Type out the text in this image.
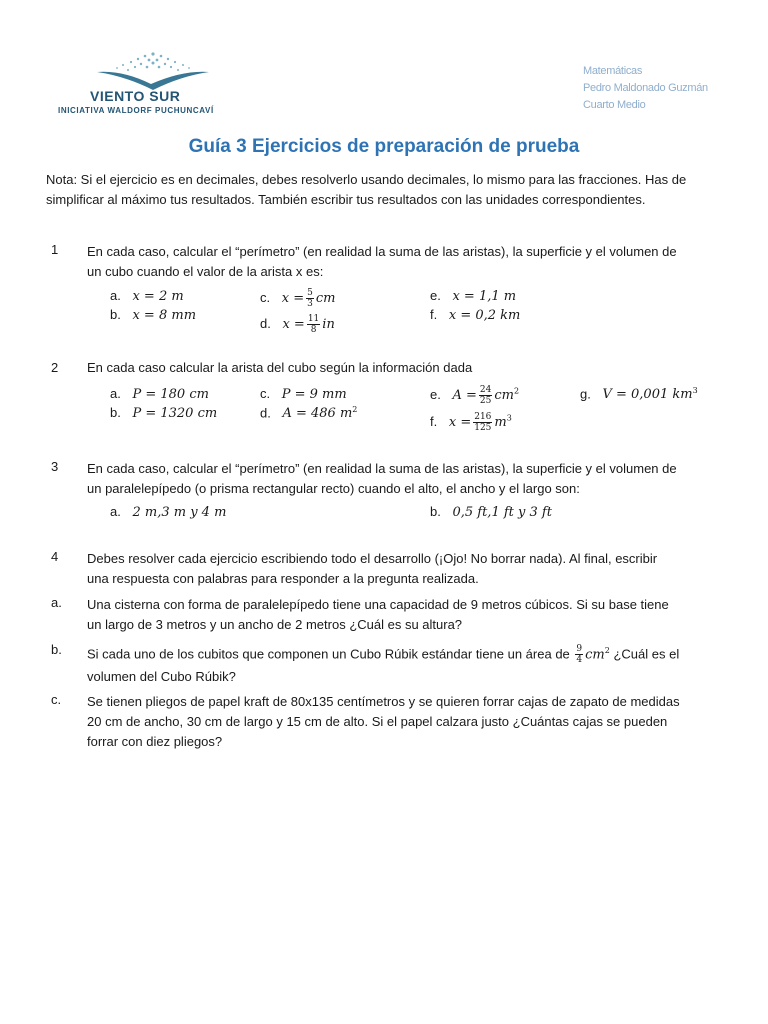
VIENTO SUR
INICIATIVA WALDORF PUCHUNCAVÍ
Matemáticas
Pedro Maldonado Guzmán
Cuarto Medio
Guía 3 Ejercicios de preparación de prueba
Nota: Si el ejercicio es en decimales, debes resolverlo usando decimales, lo mismo para las fracciones. Has de
simplificar al máximo tus resultados. También escribir tus resultados con las unidades correspondientes.
1 En cada caso, calcular el “perímetro” (en realidad la suma de las aristas), la superficie y el volumen de
un cubo cuando el valor de la arista x es:
a. x = 2 m
b. x = 8 mm
c. $x = \frac{5}{3}$ cm
d. $x = \frac{11}{8}$ in
e. x = 1,1 m
f. x = 0,2 km
2 En cada caso calcular la arista del cubo según la información dada
a. P = 180 cm
b. P = 1320 cm
c. P = 9 mm
d. A = 486 $m^2$
e. $A = \frac{24}{25} cm^2$
f. $x = \frac{216}{125} m^3$
g. V = 0,001 $km^3$
3 En cada caso, calcular el “perímetro” (en realidad la suma de las aristas), la superficie y el volumen de
un paralelepípedo (o prisma rectangular recto) cuando el alto, el ancho y el largo son:
a. 2 m,3 m y 4 m	b. 0,5 ft,1 ft y 3 ft
4 Debes resolver cada ejercicio escribiendo todo el desarrollo (¡Ojo! No borrar nada). Al final, escribir
una respuesta con palabras para responder a la pregunta realizada.
a. Una cisterna con forma de paralelepípedo tiene una capacidad de 9 metros cúbicos. Si su base tiene
un largo de 3 metros y un ancho de 2 metros ¿Cuál es su altura?
b. Si cada uno de los cubitos que componen un Cubo Rúbik estándar tiene un área de $\frac{9}{4} cm^2$ ¿Cuál es el
volumen del Cubo Rúbik?
c. Se tienen pliegos de papel kraft de 80x135 centímetros y se quieren forrar cajas de zapato de medidas
20 cm de ancho, 30 cm de largo y 15 cm de alto. Si el papel calzara justo ¿Cuántas cajas se pueden
forrar con diez pliegos?
